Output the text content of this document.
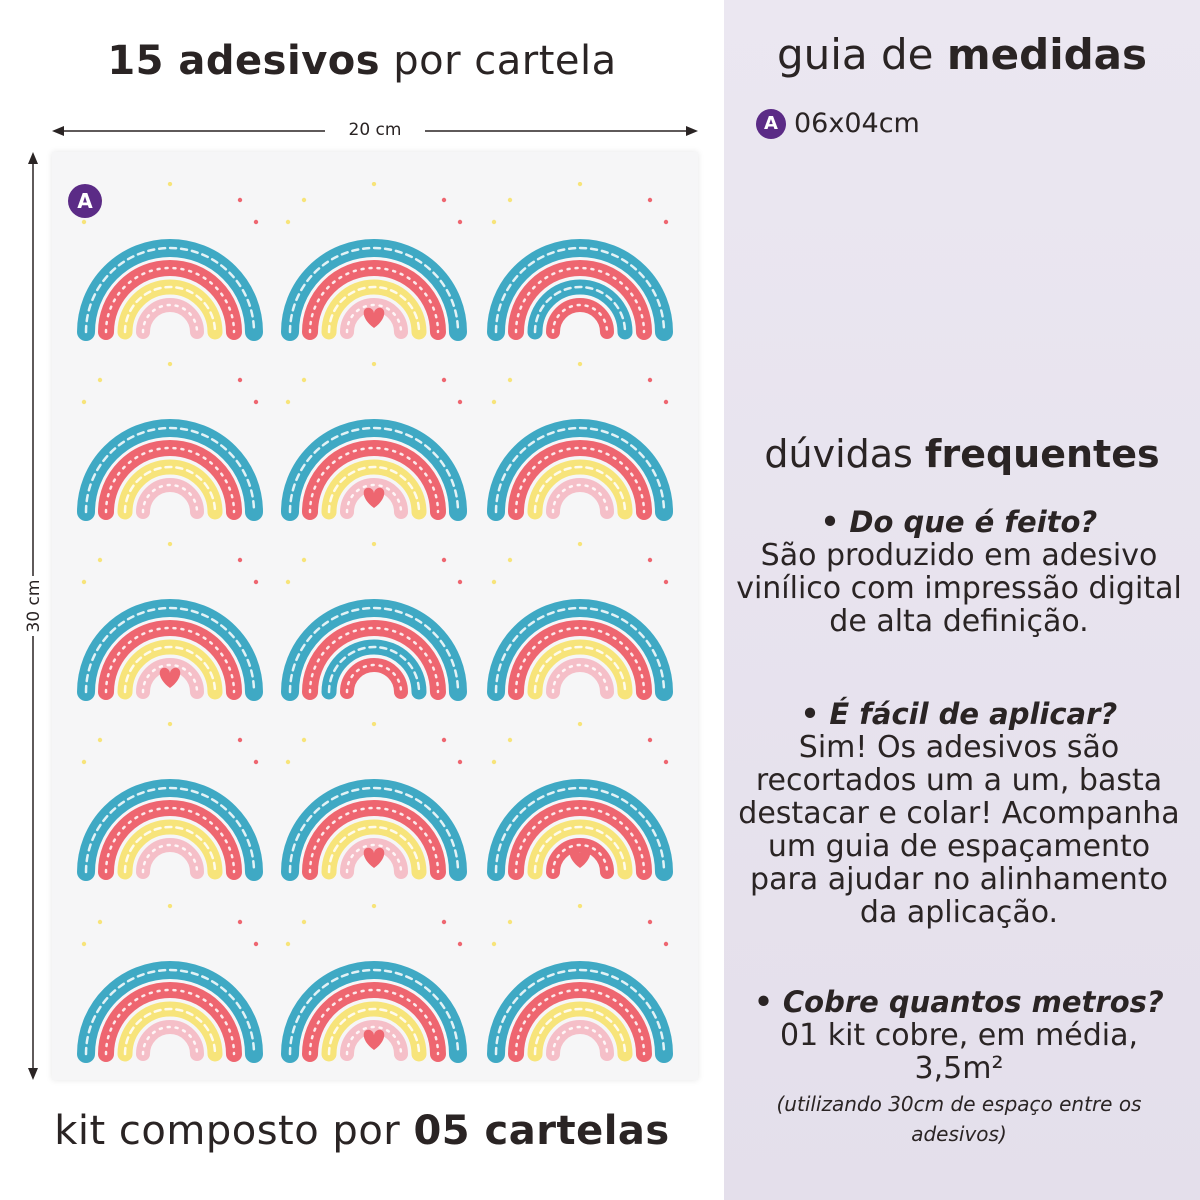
15 adesivos por cartela
20 cm
30 cm
A
kit composto por 05 cartelas
guia de medidas
A 06x04cm
dúvidas frequentes
• Do que é feito?
São produzido em adesivo vinílico com impressão digital de alta definição.
• É fácil de aplicar?
Sim! Os adesivos são recortados um a um, basta destacar e colar! Acompanha um guia de espaçamento para ajudar no alinhamento da aplicação.
• Cobre quantos metros?
01 kit cobre, em média, 3,5m²
(utilizando 30cm de espaço entre os adesivos)
